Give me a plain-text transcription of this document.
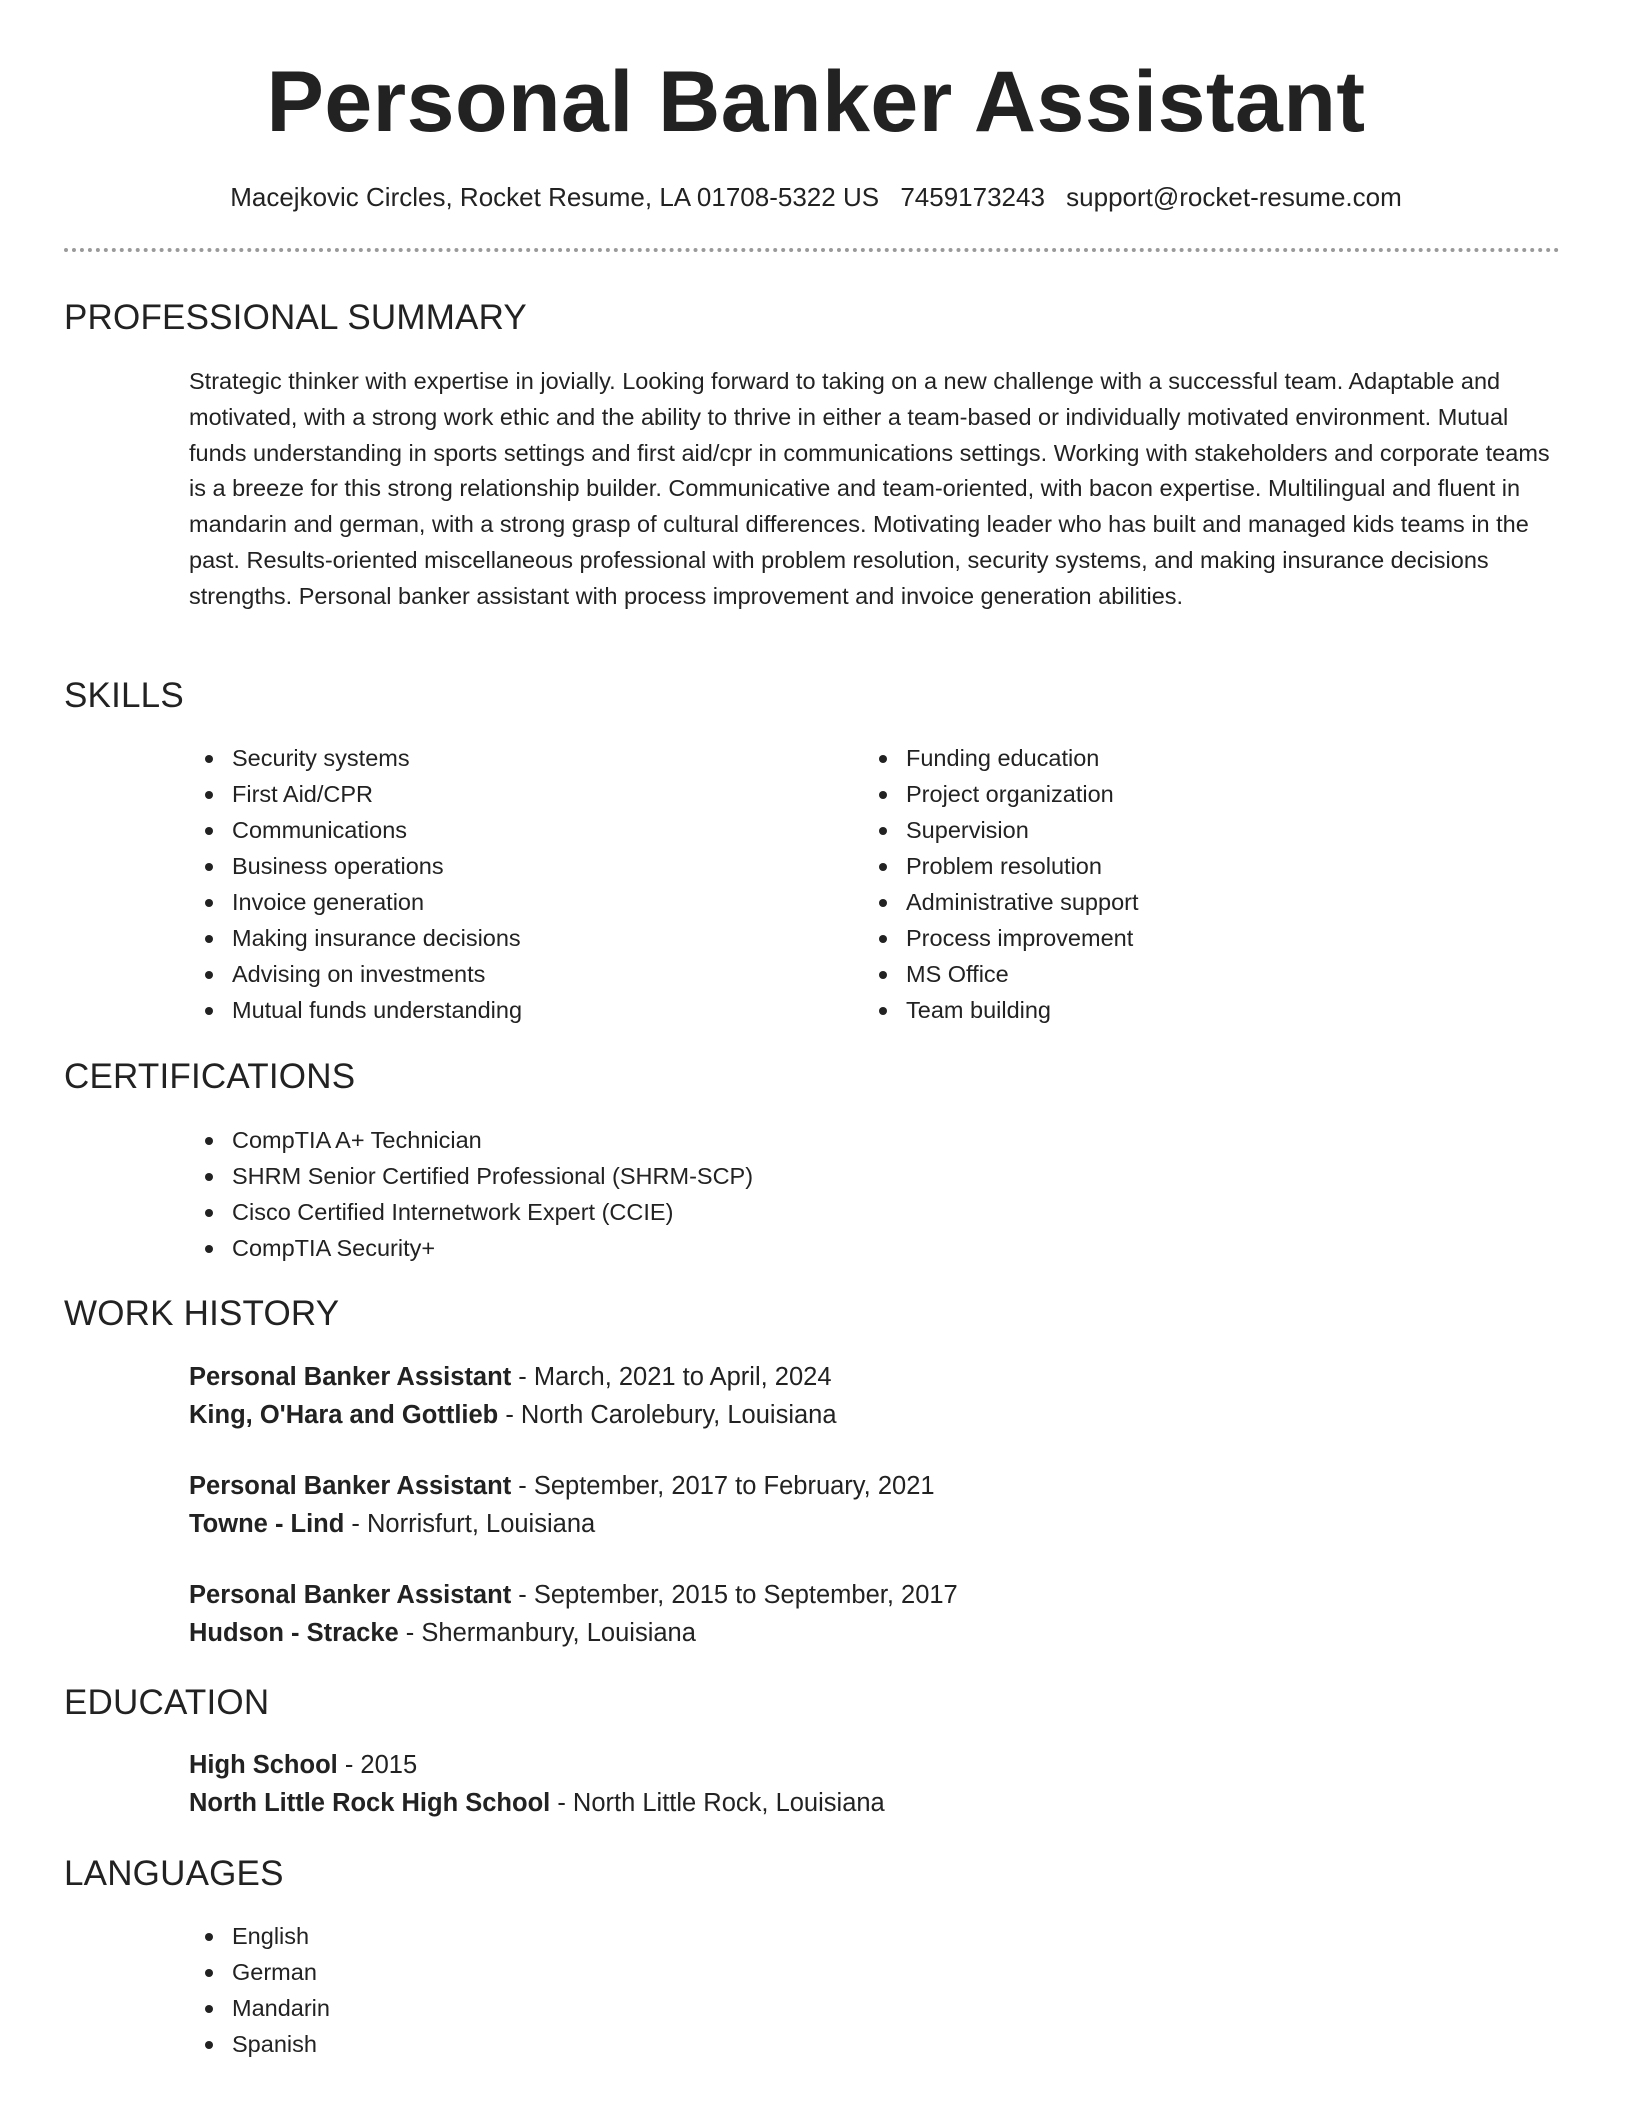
Personal Banker Assistant
Macejkovic Circles, Rocket Resume, LA 01708-5322 US 7459173243 support@rocket-resume.com
PROFESSIONAL SUMMARY

Strategic thinker with expertise in jovially. Looking forward to taking on a new challenge with a successful team. Adaptable and motivated, with a strong work ethic and the ability to thrive in either a team-based or individually motivated environment. Mutual funds understanding in sports settings and first aid/cpr in communications settings. Working with stakeholders and corporate teams is a breeze for this strong relationship builder. Communicative and team-oriented, with bacon expertise. Multilingual and fluent in mandarin and german, with a strong grasp of cultural differences. Motivating leader who has built and managed kids teams in the past. Results-oriented miscellaneous professional with problem resolution, security systems, and making insurance decisions strengths. Personal banker assistant with process improvement and invoice generation abilities.

SKILLS
Security systems
First Aid/CPR
Communications
Business operations
Invoice generation
Making insurance decisions
Advising on investments
Mutual funds understanding
Funding education
Project organization
Supervision
Problem resolution
Administrative support
Process improvement
MS Office
Team building
CERTIFICATIONS
CompTIA A+ Technician
SHRM Senior Certified Professional (SHRM-SCP)
Cisco Certified Internetwork Expert (CCIE)
CompTIA Security+
WORK HISTORY
Personal Banker Assistant - March, 2021 to April, 2024
King, O'Hara and Gottlieb - North Carolebury, Louisiana
Personal Banker Assistant - September, 2017 to February, 2021
Towne - Lind - Norrisfurt, Louisiana
Personal Banker Assistant - September, 2015 to September, 2017
Hudson - Stracke - Shermanbury, Louisiana
EDUCATION
High School - 2015
North Little Rock High School - North Little Rock, Louisiana
LANGUAGES
English
German
Mandarin
Spanish
